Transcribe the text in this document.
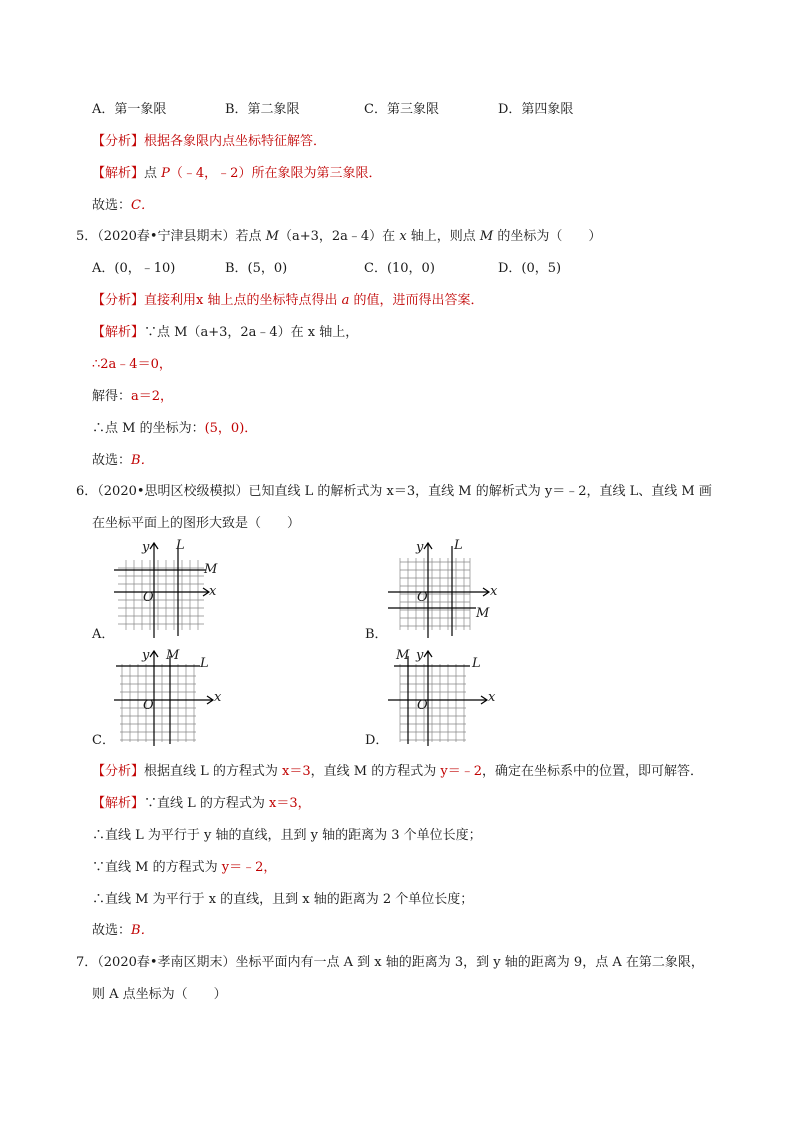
A．第一象限	B．第二象限	C．第三象限	D．第四象限
【分析】根据各象限内点坐标特征解答．
【解析】点 P（﹣4，﹣2）所在象限为第三象限．
故选：C．
5．（2020春•宁津县期末）若点 M（a+3，2a﹣4）在 x 轴上，则点 M 的坐标为（　　）
A．(0，﹣10)	B．(5，0)	C．(10，0)	D．(0，5)
【分析】直接利用x 轴上点的坐标特点得出 a 的值，进而得出答案．
【解析】∵点 M（a+3，2a﹣4）在 x 轴上，
∴2a﹣4＝0，
解得：a＝2，
∴点 M 的坐标为：(5，0)．
故选：B．
6．（2020•思明区校级模拟）已知直线 L 的解析式为 x＝3，直线 M 的解析式为 y＝﹣2，直线 L、直线 M 画
在坐标平面上的图形大致是（　　）
y L
M
x
O
A．
y L
x
O
M
B．
y M
L
x
O
C．
M y
L
x
O
D．
【分析】根据直线 L 的方程式为 x＝3，直线 M 的方程式为 y＝﹣2，确定在坐标系中的位置，即可解答．
【解析】∵直线 L 的方程式为 x＝3，
∴直线 L 为平行于 y 轴的直线，且到 y 轴的距离为 3 个单位长度；
∵直线 M 的方程式为 y＝﹣2，
∴直线 M 为平行于 x 的直线，且到 x 轴的距离为 2 个单位长度；
故选：B．
7．（2020春•孝南区期末）坐标平面内有一点 A 到 x 轴的距离为 3，到 y 轴的距离为 9，点 A 在第二象限，
则 A 点坐标为（　　）
